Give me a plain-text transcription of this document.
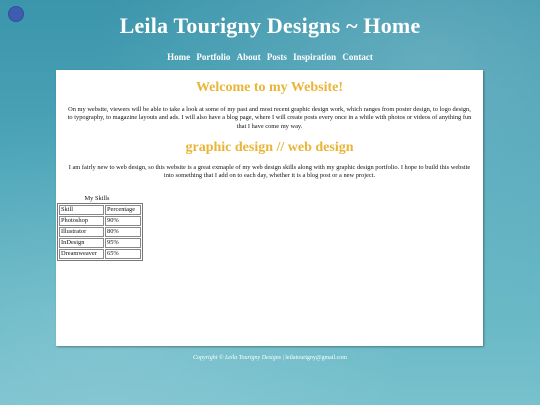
Leila Tourigny Designs ~ Home
Home Portfolio About Posts Inspiration Contact
Welcome to my Website!

On my website, viewers will be able to take a look at some of my past and most recent graphic design work, which ranges from poster design, to logo design, to typography, to magazine layouts and ads. I will also have a blog page, where I will create posts every once in a while with photos or videos of anything fun that I have come my way.

graphic design // web design

I am fairly new to web design, so this website is a great exmaple of my web design skills along with my graphic design portfolio. I hope to build this website into something that I add on to each day, whether it is a blog post or a new project.

My Skills
Skill	Percentage
Photoshop	90%
Illustrator	80%
InDesign	95%
Dreamweaver	65%
Copyright © Leila Tourigny Designs | leilatourigny@gmail.com
